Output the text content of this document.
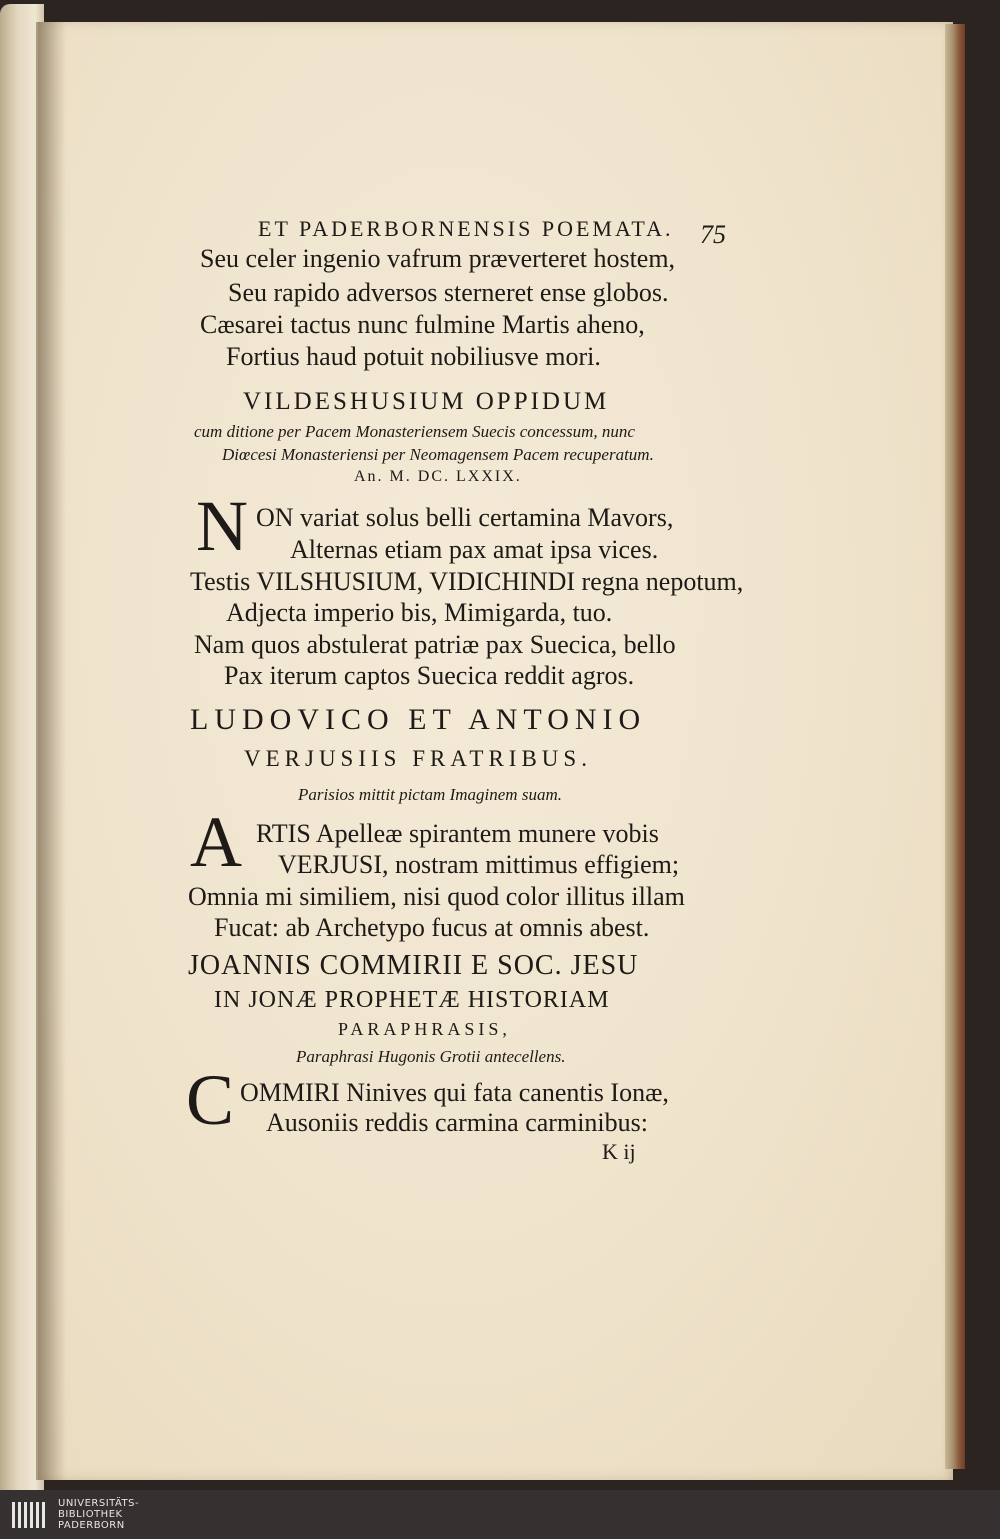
ET PADERBORNENSIS POEMATA. 75
Seu celer ingenio vafrum præverteret hostem,
Seu rapido adversos sterneret ense globos.
Cæsarei tactus nunc fulmine Martis aheno,
Fortius haud potuit nobiliusve mori.
VILDESHUSIUM OPPIDUM
cum ditione per Pacem Monasteriensem Suecis concessum, nunc
Diœcesi Monasteriensi per Neomagensem Pacem recuperatum.
An. M. DC. LXXIX.
N ON variat solus belli certamina Mavors,
Alternas etiam pax amat ipsa vices.
Testis VILSHUSIUM, VIDICHINDI regna nepotum,
Adjecta imperio bis, Mimigarda, tuo.
Nam quos abstulerat patriæ pax Suecica, bello
Pax iterum captos Suecica reddit agros.
LUDOVICO ET ANTONIO
VERJUSIIS FRATRIBUS.
Parisios mittit pictam Imaginem suam.
A RTIS Apelleæ spirantem munere vobis
VERJUSI, nostram mittimus effigiem;
Omnia mi similiem, nisi quod color illitus illam
Fucat: ab Archetypo fucus at omnis abest.
JOANNIS COMMIRII E SOC. JESU
IN JONÆ PROPHETÆ HISTORIAM
PARAPHRASIS,
Paraphrasi Hugonis Grotii antecellens.
C OMMIRI Ninives qui fata canentis Ionæ,
Ausoniis reddis carmina carminibus:
K ij
UNIVERSITÄTS-
BIBLIOTHEK
PADERBORN
